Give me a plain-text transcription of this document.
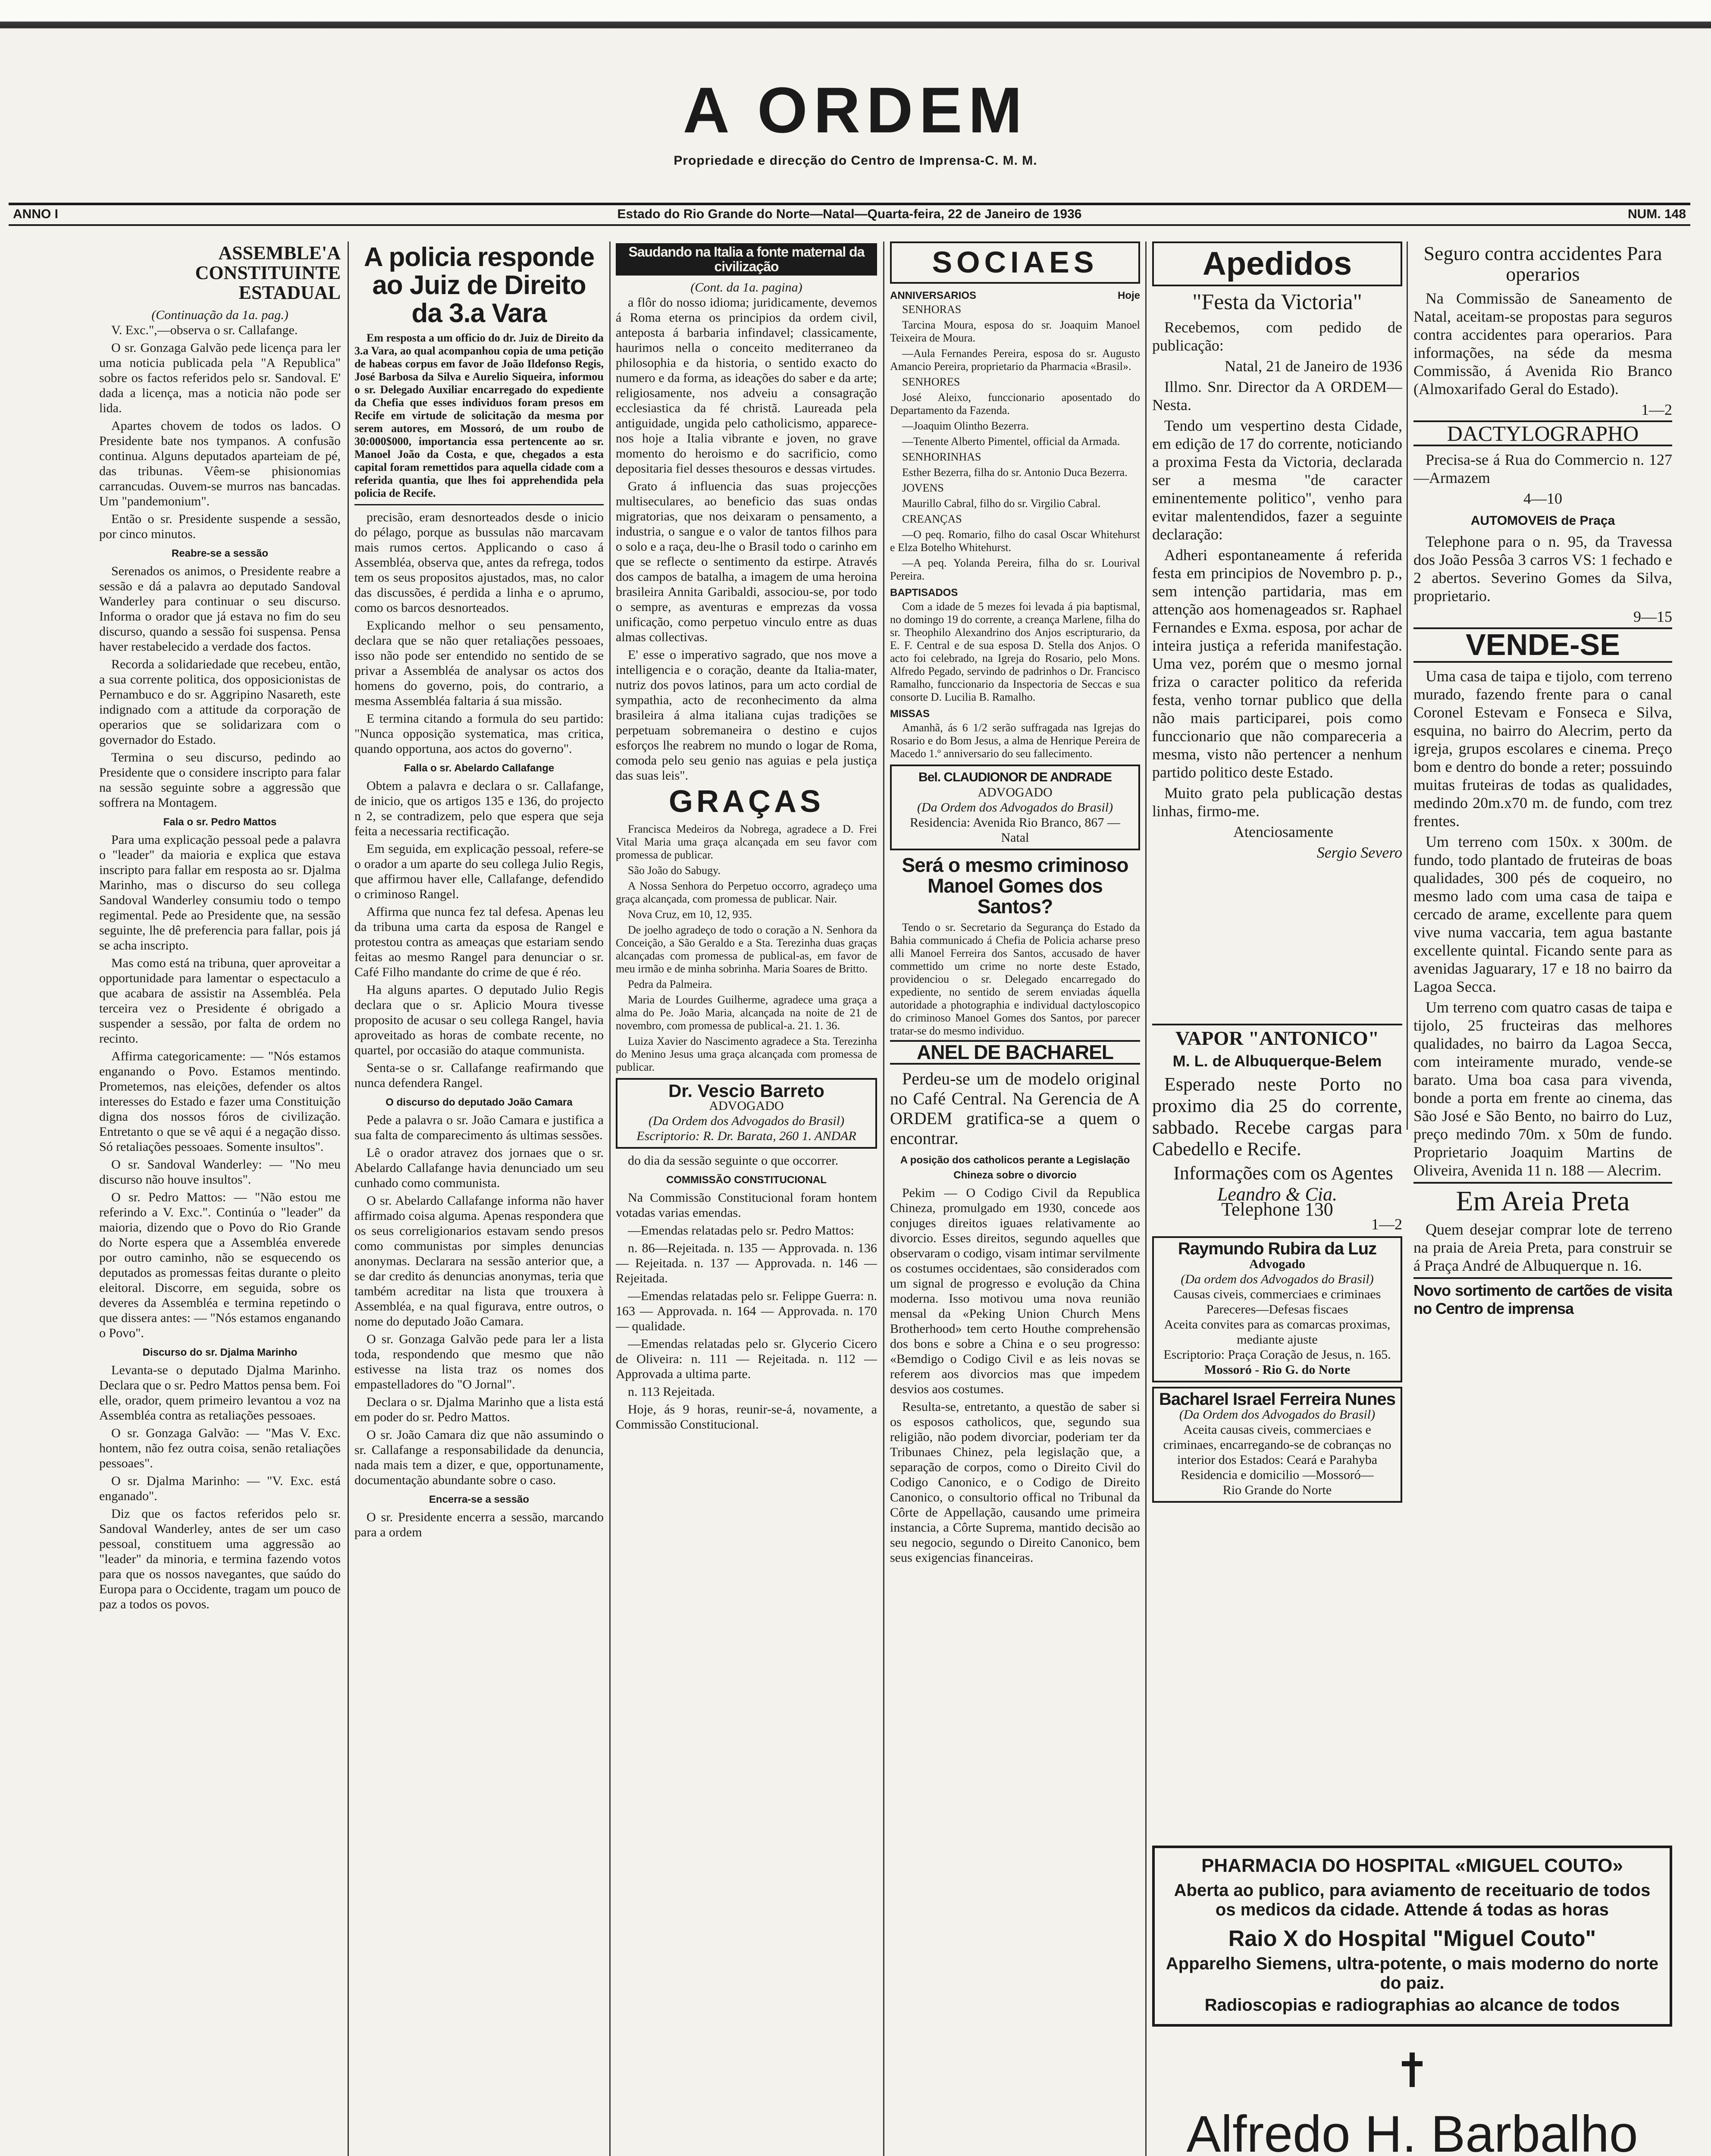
A ORDEM
Propriedade e direcção do Centro de Imprensa-C. M. M.
Estado do Rio Grande do Norte—Natal—Quarta-feira, 22 de Janeiro de 1936
ANNO I	NUM. 148
ASSEMBLE'A CONSTITUINTE ESTADUAL
(Continuação da 1a. pag.)

V. Exc.",—observa o sr. Callafange.

O sr. Gonzaga Galvão pede licença para ler uma noticia publicada pela "A Republica" sobre os factos referidos pelo sr. Sandoval. E' dada a licença, mas a noticia não pode ser lida.

Apartes chovem de todos os lados. O Presidente bate nos tympanos. A confusão continua. Alguns deputados aparteiam de pé, das tribunas. Vêem-se phisionomias carrancudas. Ouvem-se murros nas bancadas. Um "pandemonium".

Então o sr. Presidente suspende a sessão, por cinco minutos.

Reabre-se a sessão

Serenados os animos, o Presidente reabre a sessão e dá a palavra ao deputado Sandoval Wanderley para continuar o seu discurso. Informa o orador que já estava no fim do seu discurso, quando a sessão foi suspensa. Pensa haver restabelecido a verdade dos factos.

Recorda a solidariedade que recebeu, então, a sua corrente politica, dos opposicionistas de Pernambuco e do sr. Aggripino Nasareth, este indignado com a attitude da corporação de operarios que se solidarizara com o governador do Estado.

Termina o seu discurso, pedindo ao Presidente que o considere inscripto para falar na sessão seguinte sobre a aggressão que soffrera na Montagem.

Fala o sr. Pedro Mattos

Para uma explicação pessoal pede a palavra o "leader" da maioria e explica que estava inscripto para fallar em resposta ao sr. Djalma Marinho, mas o discurso do seu collega Sandoval Wanderley consumiu todo o tempo regimental. Pede ao Presidente que, na sessão seguinte, lhe dê preferencia para fallar, pois já se acha inscripto.

Mas como está na tribuna, quer aproveitar a opportunidade para lamentar o espectaculo a que acabara de assistir na Assembléa. Pela terceira vez o Presidente é obrigado a suspender a sessão, por falta de ordem no recinto.

Affirma categoricamente: — "Nós estamos enganando o Povo. Estamos mentindo. Prometemos, nas eleições, defender os altos interesses do Estado e fazer uma Constituição digna dos nossos fóros de civilização. Entretanto o que se vê aqui é a negação disso. Só retaliações pessoaes. Somente insultos".

O sr. Sandoval Wanderley: — "No meu discurso não houve insultos".

O sr. Pedro Mattos: — "Não estou me referindo a V. Exc.". Continúa o "leader" da maioria, dizendo que o Povo do Rio Grande do Norte espera que a Assembléa enverede por outro caminho, não se esquecendo os deputados as promessas feitas durante o pleito eleitoral. Discorre, em seguida, sobre os deveres da Assembléa e termina repetindo o que dissera antes: — "Nós estamos enganando o Povo".

Discurso do sr. Djalma Marinho

Levanta-se o deputado Djalma Marinho. Declara que o sr. Pedro Mattos pensa bem. Foi elle, orador, quem primeiro levantou a voz na Assembléa contra as retaliações pessoaes.

O sr. Gonzaga Galvão: — "Mas V. Exc. hontem, não fez outra coisa, senão retaliações pessoaes".

O sr. Djalma Marinho: — "V. Exc. está enganado".

Diz que os factos referidos pelo sr. Sandoval Wanderley, antes de ser um caso pessoal, constituem uma aggressão ao "leader" da minoria, e termina fazendo votos para que os nossos navegantes, que saúdo do Europa para o Occidente, tragam um pouco de paz a todos os povos.

A policia responde ao Juiz de Direito da 3.a Vara

Em resposta a um officio do dr. Juiz de Direito da 3.a Vara, ao qual acompanhou copia de uma petição de habeas corpus em favor de João Ildefonso Regis, José Barbosa da Silva e Aurelio Siqueira, informou o sr. Delegado Auxiliar encarregado do expediente da Chefia que esses individuos foram presos em Recife em virtude de solicitação da mesma por serem autores, em Mossoró, de um roubo de 30:000$000, importancia essa pertencente ao sr. Manoel João da Costa, e que, chegados a esta capital foram remettidos para aquella cidade com a referida quantia, que lhes foi apprehendida pela policia de Recife.

precisão, eram desnorteados desde o inicio do pélago, porque as bussulas não marcavam mais rumos certos. Applicando o caso á Assembléa, observa que, antes da refrega, todos tem os seus propositos ajustados, mas, no calor das discussões, é perdida a linha e o aprumo, como os barcos desnorteados.

Explicando melhor o seu pensamento, declara que se não quer retaliações pessoaes, isso não pode ser entendido no sentido de se privar a Assembléa de analysar os actos dos homens do governo, pois, do contrario, a mesma Assembléa faltaria á sua missão.

E termina citando a formula do seu partido: "Nunca opposição systematica, mas critica, quando opportuna, aos actos do governo".

Falla o sr. Abelardo Callafange

Obtem a palavra e declara o sr. Callafange, de inicio, que os artigos 135 e 136, do projecto n 2, se contradizem, pelo que espera que seja feita a necessaria rectificação.

Em seguida, em explicação pessoal, refere-se o orador a um aparte do seu collega Julio Regis, que affirmou haver elle, Callafange, defendido o criminoso Rangel.

Affirma que nunca fez tal defesa. Apenas leu da tribuna uma carta da esposa de Rangel e protestou contra as ameaças que estariam sendo feitas ao mesmo Rangel para denunciar o sr. Café Filho mandante do crime de que é réo.

Ha alguns apartes. O deputado Julio Regis declara que o sr. Aplicio Moura tivesse proposito de acusar o seu collega Rangel, havia aproveitado as horas de combate recente, no quartel, por occasião do ataque communista.

Senta-se o sr. Callafange reafirmando que nunca defendera Rangel.

O discurso do deputado João Camara

Pede a palavra o sr. João Camara e justifica a sua falta de comparecimento ás ultimas sessões.

Lê o orador atravez dos jornaes que o sr. Abelardo Callafange havia denunciado um seu cunhado como communista.

O sr. Abelardo Callafange informa não haver affirmado coisa alguma. Apenas respondera que os seus correligionarios estavam sendo presos como communistas por simples denuncias anonymas. Declarara na sessão anterior que, a se dar credito ás denuncias anonymas, teria que também acreditar na lista que trouxera à Assembléa, e na qual figurava, entre outros, o nome do deputado João Camara.

O sr. Gonzaga Galvão pede para ler a lista toda, respondendo que mesmo que não estivesse na lista traz os nomes dos empastelladores do "O Jornal".

Declara o sr. Djalma Marinho que a lista está em poder do sr. Pedro Mattos.

O sr. João Camara diz que não assumindo o sr. Callafange a responsabilidade da denuncia, nada mais tem a dizer, e que, opportunamente, documentação abundante sobre o caso.

Encerra-se a sessão

O sr. Presidente encerra a sessão, marcando para a ordem

Saudando na Italia a fonte maternal da civilização
(Cont. da 1a. pagina)

a flôr do nosso idioma; juridicamente, devemos á Roma eterna os principios da ordem civil, anteposta á barbaria infindavel; classicamente, haurimos nella o conceito mediterraneo da philosophia e da historia, o sentido exacto do numero e da forma, as ideações do saber e da arte; religiosamente, nos adveiu a consagração ecclesiastica da fé christã. Laureada pela antiguidade, ungida pelo catholicismo, apparece-nos hoje a Italia vibrante e joven, no grave momento do heroismo e do sacrificio, como depositaria fiel desses thesouros e dessas virtudes.

Grato á influencia das suas projecções multiseculares, ao beneficio das suas ondas migratorias, que nos deixaram o pensamento, a industria, o sangue e o valor de tantos filhos para o solo e a raça, deu-lhe o Brasil todo o carinho em que se reflecte o sentimento da estirpe. Através dos campos de batalha, a imagem de uma heroina brasileira Annita Garibaldi, associou-se, por todo o sempre, as aventuras e emprezas da vossa unificação, como perpetuo vinculo entre as duas almas collectivas.

E' esse o imperativo sagrado, que nos move a intelligencia e o coração, deante da Italia-mater, nutriz dos povos latinos, para um acto cordial de sympathia, acto de reconhecimento da alma brasileira á alma italiana cujas tradições se perpetuam sobremaneira o destino e cujos esforços lhe reabrem no mundo o logar de Roma, comoda pelo seu genio nas aguias e pela justiça das suas leis".

GRAÇAS

Francisca Medeiros da Nobrega, agradece a D. Frei Vital Maria uma graça alcançada em seu favor com promessa de publicar.

São João do Sabugy.

A Nossa Senhora do Perpetuo occorro, agradeço uma graça alcançada, com promessa de publicar. Nair.

Nova Cruz, em 10, 12, 935.

De joelho agradeço de todo o coração a N. Senhora da Conceição, a São Geraldo e a Sta. Terezinha duas graças alcançadas com promessa de publical-as, em favor de meu irmão e de minha sobrinha. Maria Soares de Britto.

Pedra da Palmeira.

Maria de Lourdes Guilherme, agradece uma graça a alma do Pe. João Maria, alcançada na noite de 21 de novembro, com promessa de publical-a. 21. 1. 36.

Luiza Xavier do Nascimento agradece a Sta. Terezinha do Menino Jesus uma graça alcançada com promessa de publicar.

Dr. Vescio Barreto
ADVOGADO
(Da Ordem dos Advogados do Brasil)
Escriptorio: R. Dr. Barata, 260 1. ANDAR

do dia da sessão seguinte o que occorrer.

COMMISSÃO CONSTITUCIONAL

Na Commissão Constitucional foram hontem votadas varias emendas.

—Emendas relatadas pelo sr. Pedro Mattos:

n. 86—Rejeitada. n. 135 — Approvada. n. 136 — Rejeitada. n. 137 — Approvada. n. 146 — Rejeitada.

—Emendas relatadas pelo sr. Felippe Guerra: n. 163 — Approvada. n. 164 — Approvada. n. 170 — qualidade.

—Emendas relatadas pelo sr. Glycerio Cicero de Oliveira: n. 111 — Rejeitada. n. 112 — Approvada a ultima parte.

n. 113 Rejeitada.

Hoje, ás 9 horas, reunir-se-á, novamente, a Commissão Constitucional.

SOCIAES
ANNIVERSARIOS	Hoje

SENHORAS

Tarcina Moura, esposa do sr. Joaquim Manoel Teixeira de Moura.

—Aula Fernandes Pereira, esposa do sr. Augusto Amancio Pereira, proprietario da Pharmacia «Brasil».

SENHORES

José Aleixo, funccionario aposentado do Departamento da Fazenda.

—Joaquim Olintho Bezerra.

—Tenente Alberto Pimentel, official da Armada.

SENHORINHAS

Esther Bezerra, filha do sr. Antonio Duca Bezerra.

JOVENS

Maurillo Cabral, filho do sr. Virgilio Cabral.

CREANÇAS

—O peq. Romario, filho do casal Oscar Whitehurst e Elza Botelho Whitehurst.

—A peq. Yolanda Pereira, filha do sr. Lourival Pereira.

BAPTISADOS

Com a idade de 5 mezes foi levada á pia baptismal, no domingo 19 do corrente, a creança Marlene, filha do sr. Theophilo Alexandrino dos Anjos escripturario, da E. F. Central e de sua esposa D. Stella dos Anjos. O acto foi celebrado, na Igreja do Rosario, pelo Mons. Alfredo Pegado, servindo de padrinhos o Dr. Francisco Ramalho, funccionario da Inspectoria de Seccas e sua consorte D. Lucilia B. Ramalho.

MISSAS

Amanhã, ás 6 1/2 serão suffragada nas Igrejas do Rosario e do Bom Jesus, a alma de Henrique Pereira de Macedo 1.º anniversario do seu fallecimento.

Bel. CLAUDIONOR DE ANDRADE
ADVOGADO
(Da Ordem dos Advogados do Brasil)
Residencia: Avenida Rio Branco, 867 — Natal
Será o mesmo criminoso Manoel Gomes dos Santos?

Tendo o sr. Secretario da Segurança do Estado da Bahia communicado á Chefia de Policia acharse preso alli Manoel Ferreira dos Santos, accusado de haver commettido um crime no norte deste Estado, providenciou o sr. Delegado encarregado do expediente, no sentido de serem enviadas áquella autoridade a photographia e individual dactyloscopico do criminoso Manoel Gomes dos Santos, por parecer tratar-se do mesmo individuo.

ANEL DE BACHAREL

Perdeu-se um de modelo original no Café Central. Na Gerencia de A ORDEM gratifica-se a quem o encontrar.

A posição dos catholicos perante a Legislação Chineza sobre o divorcio

Pekim — O Codigo Civil da Republica Chineza, promulgado em 1930, concede aos conjuges direitos iguaes relativamente ao divorcio. Esses direitos, segundo aquelles que observaram o codigo, visam intimar servilmente os costumes occidentaes, são considerados com um signal de progresso e evolução da China moderna. Isso motivou uma nova reunião mensal da «Peking Union Church Mens Brotherhood» tem certo Houthe comprehensão dos bons e sobre a China e o seu progresso: «Bemdigo o Codigo Civil e as leis novas se referem aos divorcios mas que impedem desvios aos costumes.

Resulta-se, entretanto, a questão de saber si os esposos catholicos, que, segundo sua religião, não podem divorciar, poderiam ter da Tribunaes Chinez, pela legislação que, a separação de corpos, como o Direito Civil do Codigo Canonico, e o Codigo de Direito Canonico, o consultorio offical no Tribunal da Côrte de Appellação, causando ume primeira instancia, a Côrte Suprema, mantido decisão ao seu negocio, segundo o Direito Canonico, bem seus exigencias financeiras.

Apedidos
"Festa da Victoria"

Recebemos, com pedido de publicação:

Natal, 21 de Janeiro de 1936

Illmo. Snr. Director da A ORDEM—Nesta.

Tendo um vespertino desta Cidade, em edição de 17 do corrente, noticiando a proxima Festa da Victoria, declarada ser a mesma "de caracter eminentemente politico", venho para evitar malentendidos, fazer a seguinte declaração:

Adheri espontaneamente á referida festa em principios de Novembro p. p., sem intenção partidaria, mas em attenção aos homenageados sr. Raphael Fernandes e Exma. esposa, por achar de inteira justiça a referida manifestação. Uma vez, porém que o mesmo jornal friza o caracter politico da referida festa, venho tornar publico que della não mais participarei, pois como funccionario que não compareceria a mesma, visto não pertencer a nenhum partido politico deste Estado.

Muito grato pela publicação destas linhas, firmo-me.

Atenciosamente

Sergio Severo

VAPOR "ANTONICO"
M. L. de Albuquerque-Belem

Esperado neste Porto no proximo dia 25 do corrente, sabbado. Recebe cargas para Cabedello e Recife.

Informações com os Agentes

Leandro & Cia.
Telephone 130
1—2
Raymundo Rubira da Luz
Advogado
(Da ordem dos Advogados do Brasil)
Causas civeis, commerciaes e criminaes
Pareceres—Defesas fiscaes
Aceita convites para as comarcas proximas, mediante ajuste
Escriptorio: Praça Coração de Jesus, n. 165.
Mossoró - Rio G. do Norte
Bacharel Israel Ferreira Nunes
(Da Ordem dos Advogados do Brasil)
Aceita causas civeis, commerciaes e criminaes, encarregando-se de cobranças no interior dos Estados: Ceará e Parahyba
Residencia e domicilio —Mossoró—
Rio Grande do Norte
Seguro contra accidentes Para operarios

Na Commissão de Saneamento de Natal, aceitam-se propostas para seguros contra accidentes para operarios. Para informações, na séde da mesma Commissão, á Avenida Rio Branco (Almoxarifado Geral do Estado).

1—2
DACTYLOGRAPHO

Precisa-se á Rua do Commercio n. 127—Armazem

4—10
AUTOMOVEIS de Praça

Telephone para o n. 95, da Travessa dos João Pessôa 3 carros VS: 1 fechado e 2 abertos. Severino Gomes da Silva, proprietario.

9—15
VENDE-SE

Uma casa de taipa e tijolo, com terreno murado, fazendo frente para o canal Coronel Estevam e Fonseca e Silva, esquina, no bairro do Alecrim, perto da igreja, grupos escolares e cinema. Preço bom e dentro do bonde a reter; possuindo muitas fruteiras de todas as qualidades, medindo 20m.x70 m. de fundo, com trez frentes.

Um terreno com 150x. x 300m. de fundo, todo plantado de fruteiras de boas qualidades, 300 pés de coqueiro, no mesmo lado com uma casa de taipa e cercado de arame, excellente para quem vive numa vaccaria, tem agua bastante excellente quintal. Ficando sente para as avenidas Jaguarary, 17 e 18 no bairro da Lagoa Secca.

Um terreno com quatro casas de taipa e tijolo, 25 fructeiras das melhores qualidades, no bairro da Lagoa Secca, com inteiramente murado, vende-se barato. Uma boa casa para vivenda, bonde a porta em frente ao cinema, das São José e São Bento, no bairro do Luz, preço medindo 70m. x 50m de fundo. Proprietario Joaquim Martins de Oliveira, Avenida 11 n. 188 — Alecrim.

Em Areia Preta

Quem desejar comprar lote de terreno na praia de Areia Preta, para construir se á Praça André de Albuquerque n. 16.

Novo sortimento de cartões de visita no Centro de imprensa
PHARMACIA DO HOSPITAL «MIGUEL COUTO»
Aberta ao publico, para aviamento de receituario de todos os medicos da cidade. Attende á todas as horas
Raio X do Hospital "Miguel Couto"
Apparelho Siemens, ultra-potente, o mais moderno do norte do paiz.
Radioscopias e radiographias ao alcance de todos
Alfredo H. Barbalho
